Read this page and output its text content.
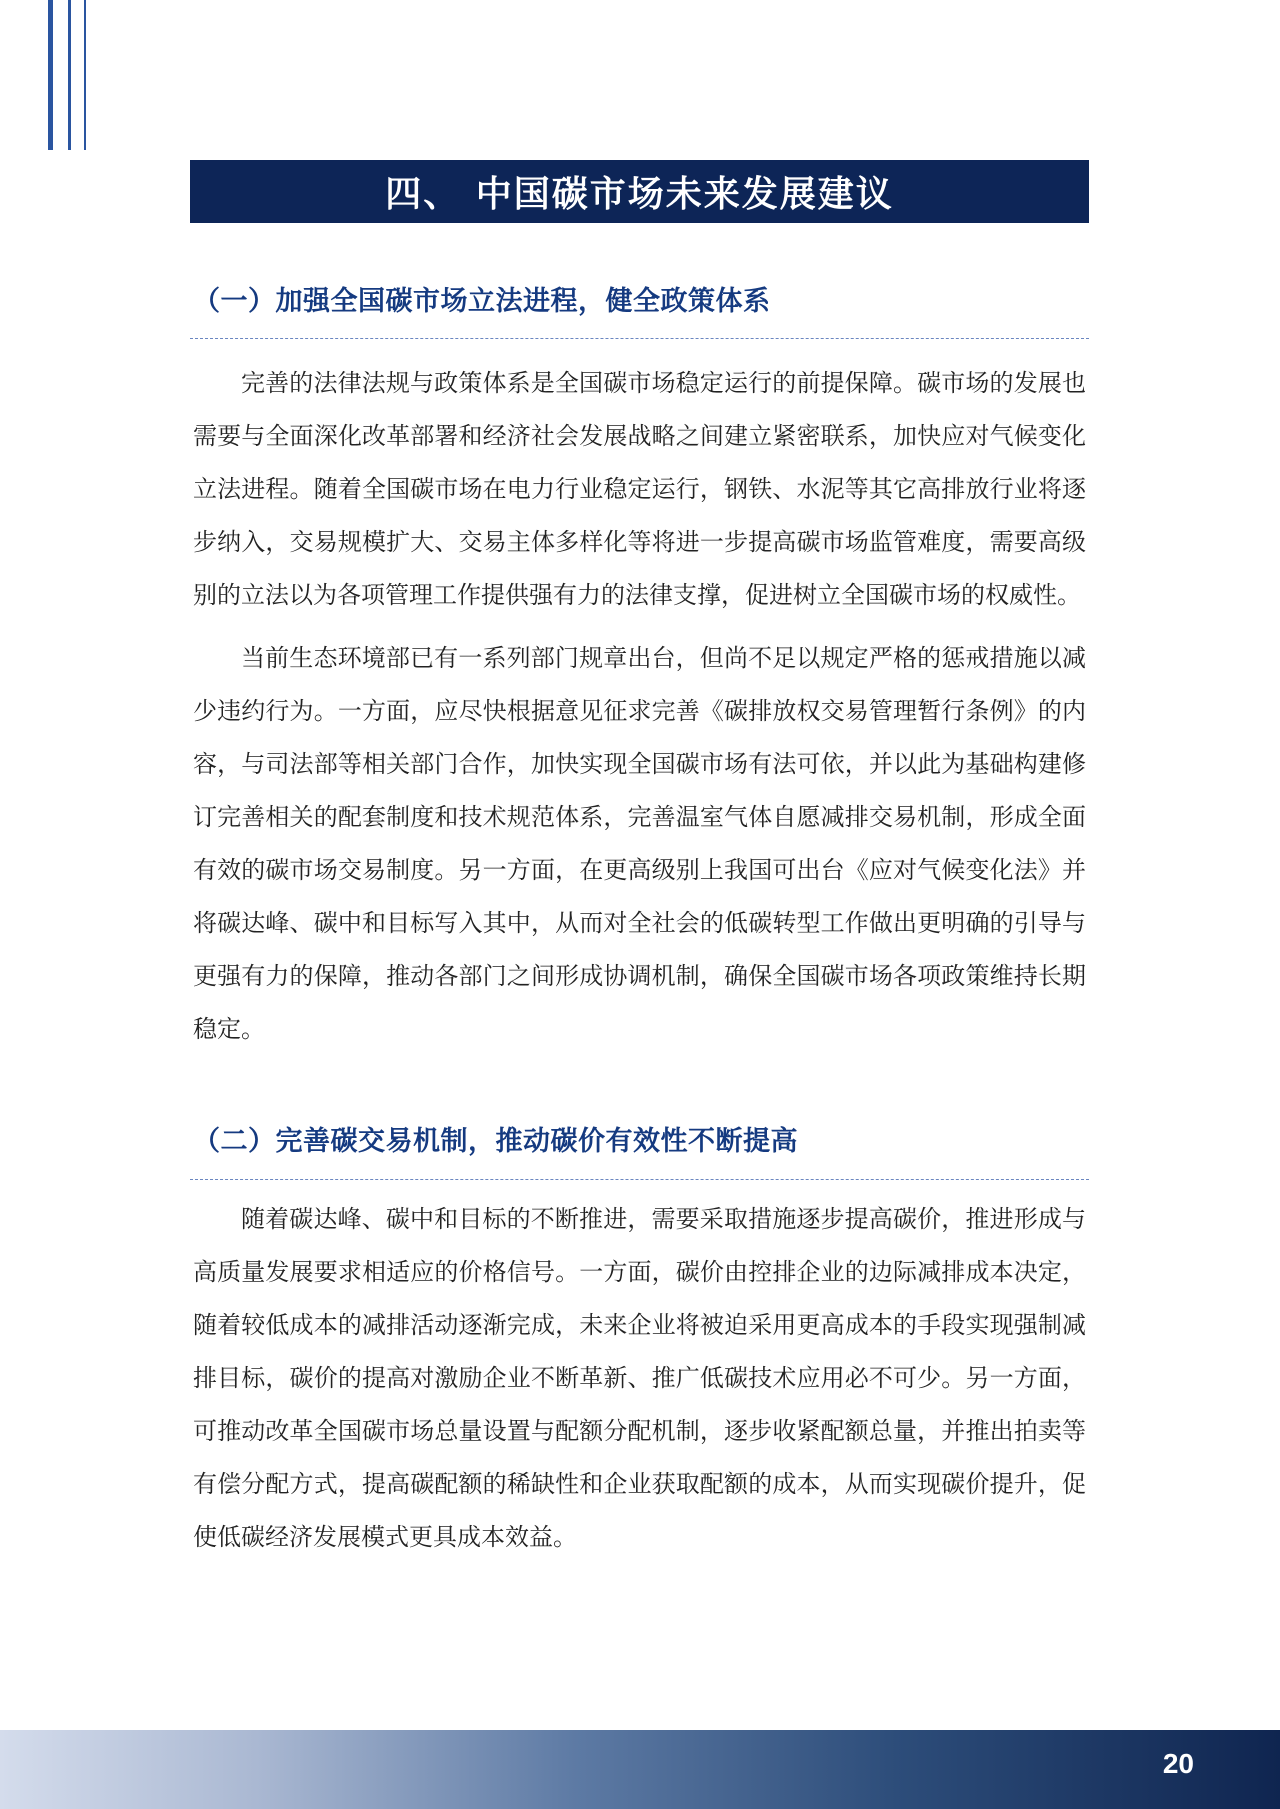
四、 中国碳市场未来发展建议
（一）加强全国碳市场立法进程，健全政策体系

完善的法律法规与政策体系是全国碳市场稳定运行的前提保障。碳市场的发展也需要与全面深化改革部署和经济社会发展战略之间建立紧密联系，加快应对气候变化立法进程。随着全国碳市场在电力行业稳定运行，钢铁、水泥等其它高排放行业将逐步纳入，交易规模扩大、交易主体多样化等将进一步提高碳市场监管难度，需要高级别的立法以为各项管理工作提供强有力的法律支撑，促进树立全国碳市场的权威性。

当前生态环境部已有一系列部门规章出台，但尚不足以规定严格的惩戒措施以减少违约行为。一方面，应尽快根据意见征求完善《碳排放权交易管理暂行条例》的内容，与司法部等相关部门合作，加快实现全国碳市场有法可依，并以此为基础构建修订完善相关的配套制度和技术规范体系，完善温室气体自愿减排交易机制，形成全面有效的碳市场交易制度。另一方面，在更高级别上我国可出台《应对气候变化法》并将碳达峰、碳中和目标写入其中，从而对全社会的低碳转型工作做出更明确的引导与更强有力的保障，推动各部门之间形成协调机制，确保全国碳市场各项政策维持长期稳定。

（二）完善碳交易机制，推动碳价有效性不断提高

随着碳达峰、碳中和目标的不断推进，需要采取措施逐步提高碳价，推进形成与高质量发展要求相适应的价格信号。一方面，碳价由控排企业的边际减排成本决定，随着较低成本的减排活动逐渐完成，未来企业将被迫采用更高成本的手段实现强制减排目标，碳价的提高对激励企业不断革新、推广低碳技术应用必不可少。另一方面，可推动改革全国碳市场总量设置与配额分配机制，逐步收紧配额总量，并推出拍卖等有偿分配方式，提高碳配额的稀缺性和企业获取配额的成本，从而实现碳价提升，促使低碳经济发展模式更具成本效益。

20
